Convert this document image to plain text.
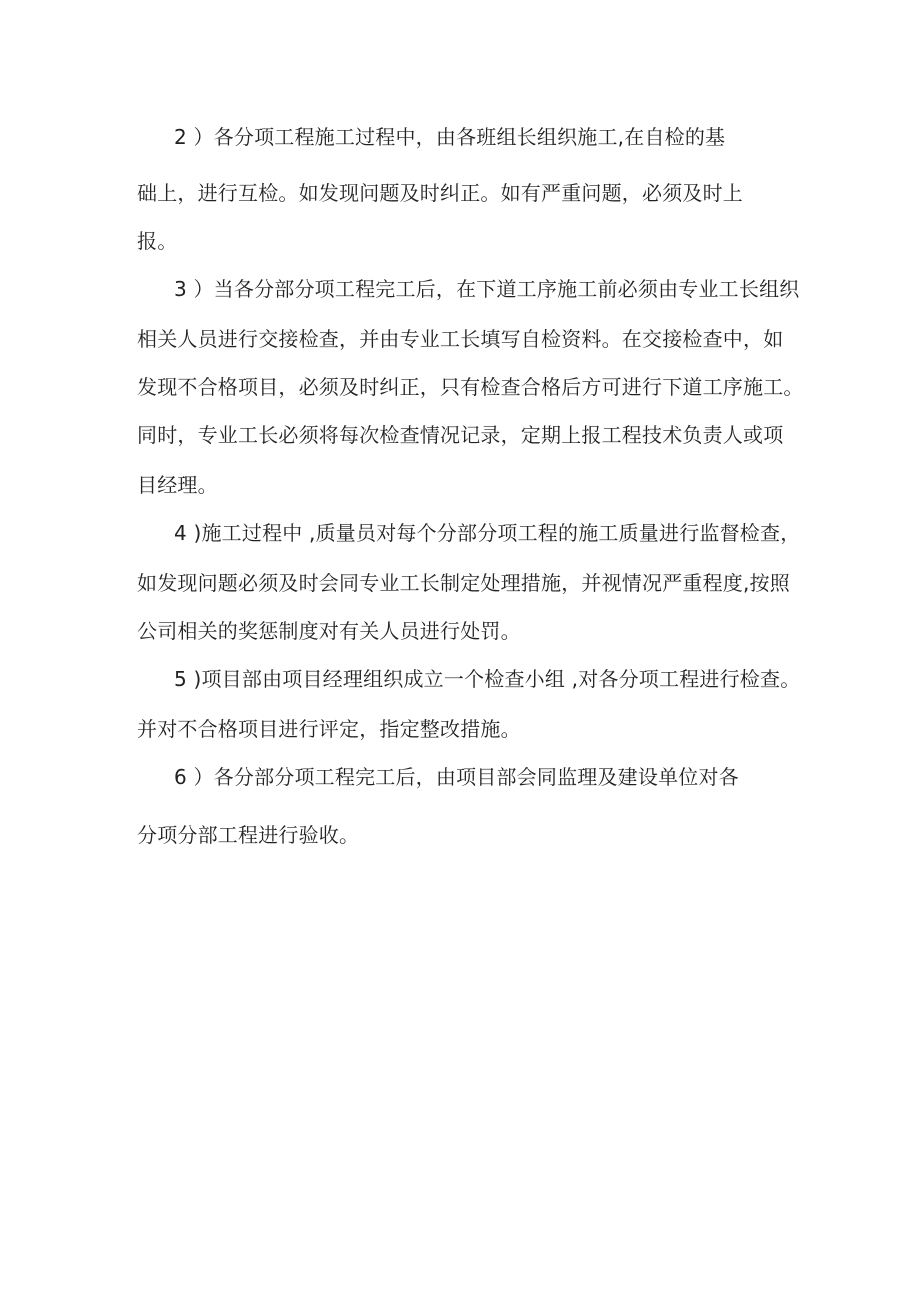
2 ）各分项工程施工过程中，由各班组长组织施工,在自检的基
础上，进行互检。如发现问题及时纠正。如有严重问题，必须及时上
报。
3 ）当各分部分项工程完工后，在下道工序施工前必须由专业工长组织
相关人员进行交接检查，并由专业工长填写自检资料。在交接检查中，如
发现不合格项目，必须及时纠正，只有检查合格后方可进行下道工序施工。
同时，专业工长必须将每次检查情况记录，定期上报工程技术负责人或项
目经理。
4 )施工过程中 ,质量员对每个分部分项工程的施工质量进行监督检查，
如发现问题必须及时会同专业工长制定处理措施，并视情况严重程度,按照
公司相关的奖惩制度对有关人员进行处罚。
5 )项目部由项目经理组织成立一个检查小组 ,对各分项工程进行检查。
并对不合格项目进行评定，指定整改措施。
6 ）各分部分项工程完工后，由项目部会同监理及建设单位对各
分项分部工程进行验收。
